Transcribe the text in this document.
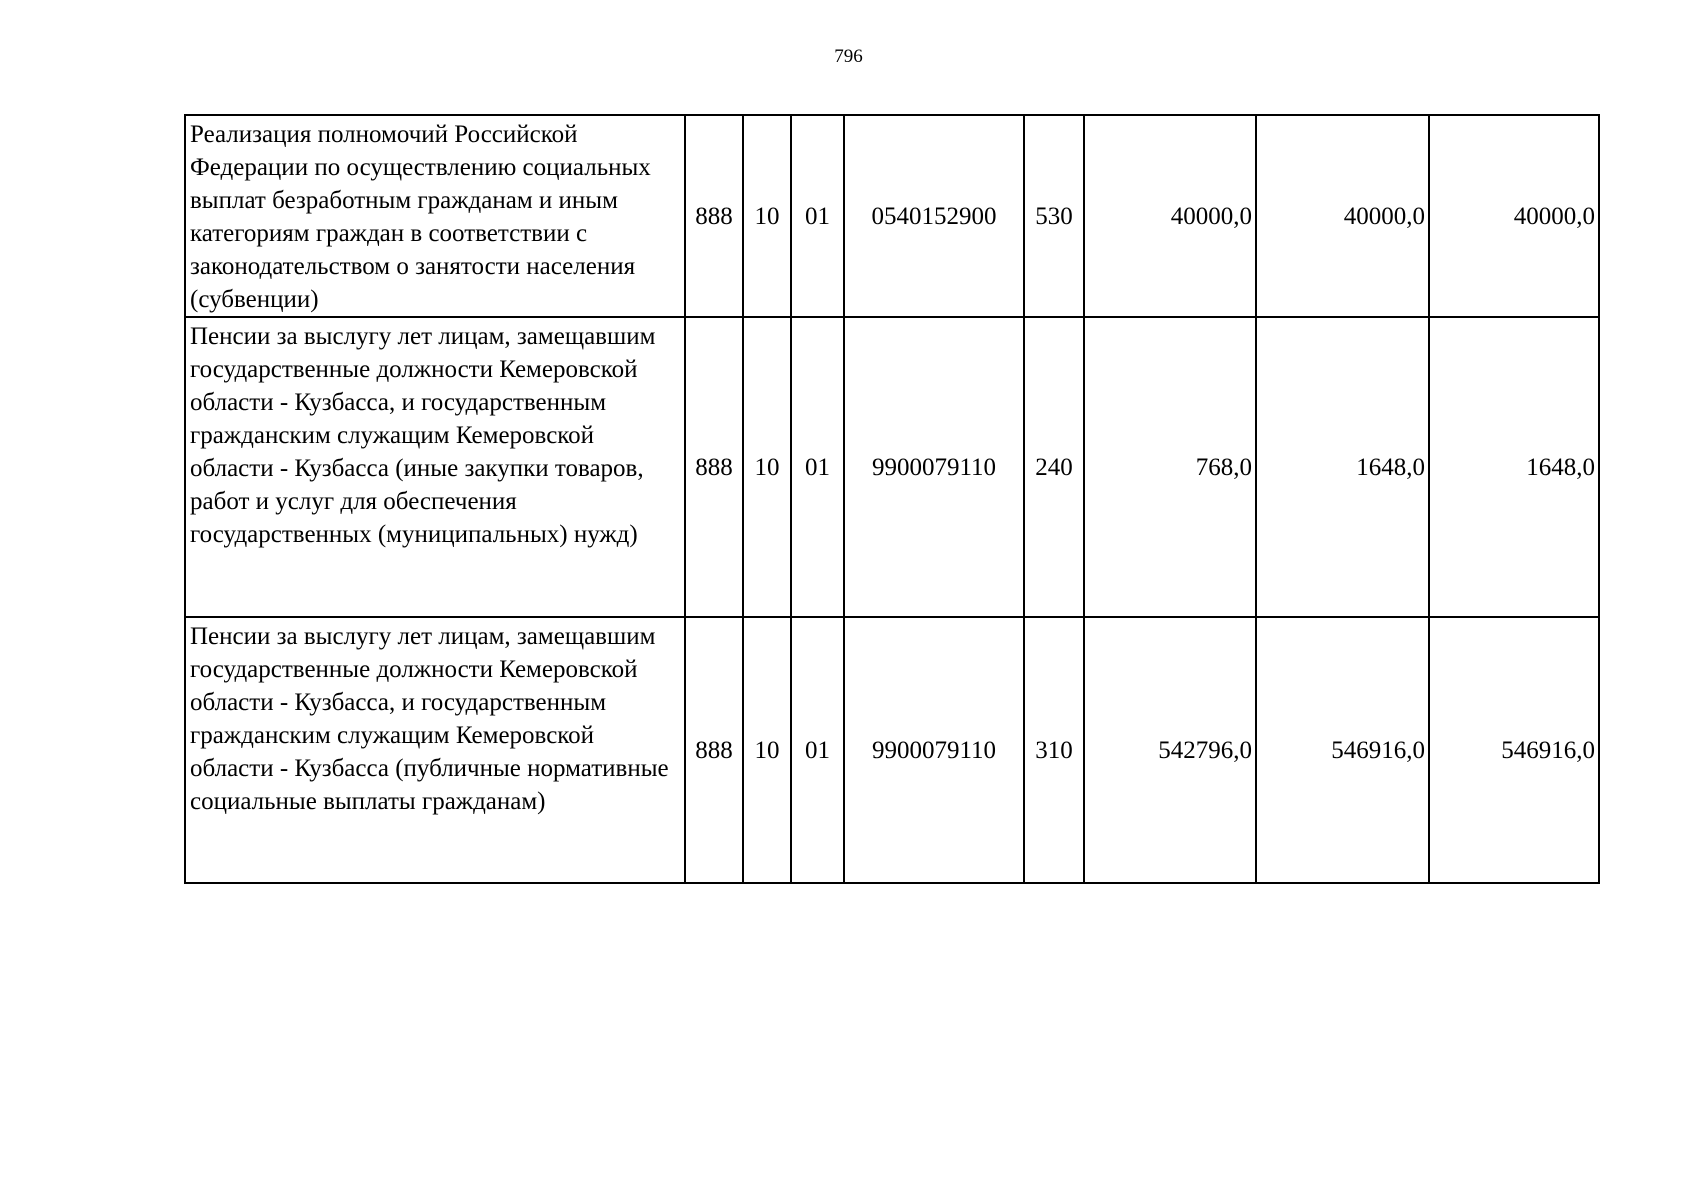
796
Реализация полномочий Российской Федерации по осуществлению социальных выплат безработным гражданам и иным категориям граждан в соответствии с законодательством о занятости населения (субвенции)	888	10	01	0540152900	530	40000,0	40000,0	40000,0
Пенсии за выслугу лет лицам, замещавшим государственные должности Кемеровской области - Кузбасса, и государственным гражданским служащим Кемеровской области - Кузбасса (иные закупки товаров, работ и услуг для обеспечения государственных (муниципальных) нужд)	888	10	01	9900079110	240	768,0	1648,0	1648,0
Пенсии за выслугу лет лицам, замещавшим государственные должности Кемеровской области - Кузбасса, и государственным гражданским служащим Кемеровской области - Кузбасса (публичные нормативные социальные выплаты гражданам)	888	10	01	9900079110	310	542796,0	546916,0	546916,0
